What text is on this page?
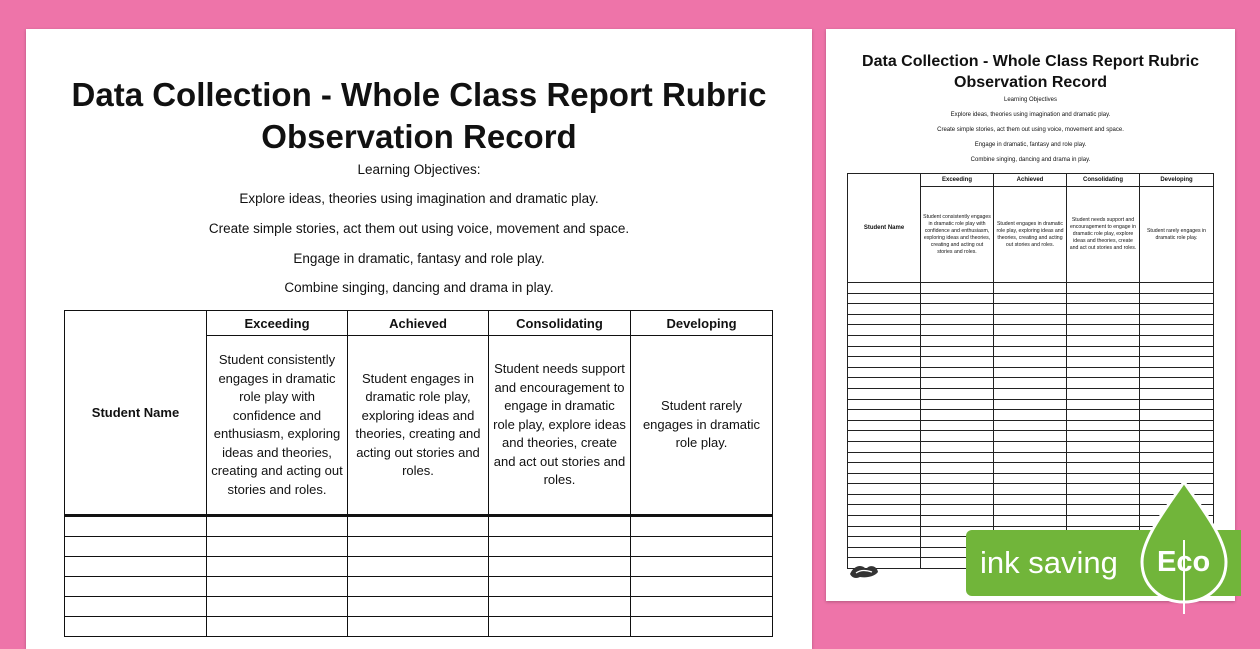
Data Collection - Whole Class Report Rubric
Observation Record
Learning Objectives:
Explore ideas, theories using imagination and dramatic play.
Create simple stories, act them out using voice, movement and space.
Engage in dramatic, fantasy and role play.
Combine singing, dancing and drama in play.
Student Name	Exceeding	Achieved	Consolidating	Developing
	Student consistently engages in dramatic role play with confidence and enthusiasm, exploring ideas and theories, creating and acting out stories and roles.	Student engages in dramatic role play, exploring ideas and theories, creating and acting out stories and roles.	Student needs support and encouragement to engage in dramatic role play, explore ideas and theories, create and act out stories and roles.	Student rarely engages in dramatic role play.

Data Collection - Whole Class Report Rubric
Observation Record
Learning Objectives
Explore ideas, theories using imagination and dramatic play.
Create simple stories, act them out using voice, movement and space.
Engage in dramatic, fantasy and role play.
Combine singing, dancing and drama in play.
Student Name	Exceeding	Achieved	Consolidating	Developing
	Student consistently engages in dramatic role play with confidence and enthusiasm, exploring ideas and theories, creating and acting out stories and roles.	Student engages in dramatic role play, exploring ideas and theories, creating and acting out stories and roles.	Student needs support and encouragement to engage in dramatic role play, explore ideas and theories, create and act out stories and roles.	Student rarely engages in dramatic role play.

ink saving Eco
